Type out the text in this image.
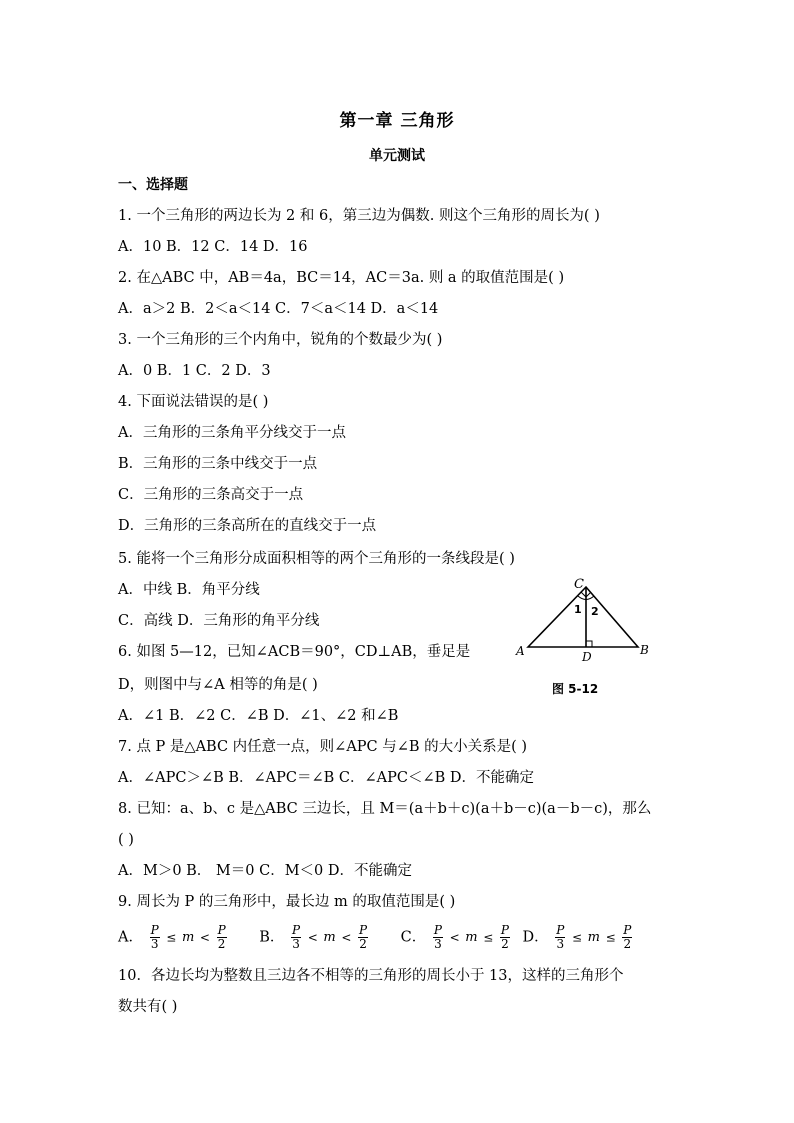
第一章 三角形
单元测试
一、选择题
1. 一个三角形的两边长为 2 和 6，第三边为偶数. 则这个三角形的周长为( )
A．10 B．12 C．14 D．16
2. 在△ABC 中，AB＝4a，BC＝14，AC＝3a. 则 a 的取值范围是( )
A．a＞2 B．2＜a＜14 C．7＜a＜14 D．a＜14
3. 一个三角形的三个内角中，锐角的个数最少为( )
A．0 B．1 C．2 D．3
4. 下面说法错误的是( )
A．三角形的三条角平分线交于一点
B．三角形的三条中线交于一点
C．三角形的三条高交于一点
D．三角形的三条高所在的直线交于一点
5. 能将一个三角形分成面积相等的两个三角形的一条线段是( )
A．中线 B．角平分线
C．高线 D．三角形的角平分线
6. 如图 5—12，已知∠ACB＝90°，CD⊥AB，垂足是
D，则图中与∠A 相等的角是( )
A．∠1 B．∠2 C．∠B D．∠1、∠2 和∠B
7. 点 P 是△ABC 内任意一点，则∠APC 与∠B 的大小关系是( )
A．∠APC＞∠B B．∠APC＝∠B C．∠APC＜∠B D．不能确定
8. 已知：a、b、c 是△ABC 三边长，且 M＝(a＋b＋c)(a＋b－c)(a－b－c)，那么
( )
A．M＞0 B． M＝0 C．M＜0 D．不能确定
9. 周长为 P 的三角形中，最长边 m 的取值范围是( )
A． $\frac{P}{3} \le m < \frac{P}{2}$ B． $\frac{P}{3} < m < \frac{P}{2}$ C． $\frac{P}{3} < m \le \frac{P}{2}$ D． $\frac{P}{3} \le m \le \frac{P}{2}$
10．各边长均为整数且三边各不相等的三角形的周长小于 13，这样的三角形个
数共有( )
C
A	B
D
1 2
图 5-12
